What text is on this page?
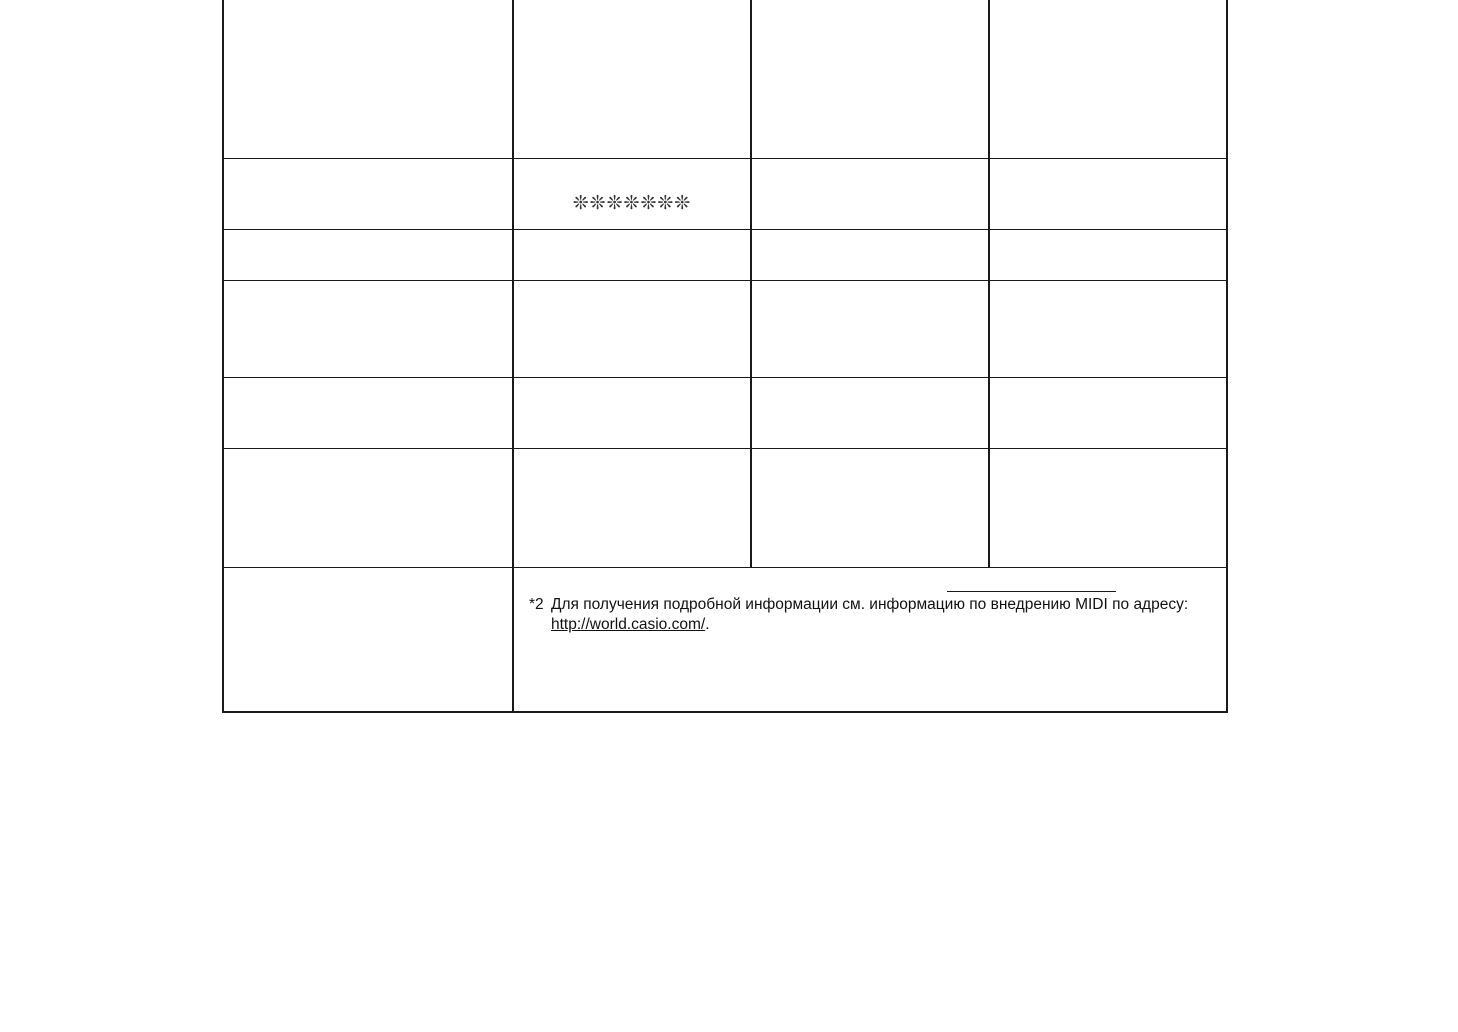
❊❊❊❊❊❊❊
*2 Для получения подробной информации см. информацию по внедрению MIDI по адресу:
http://world.casio.com/.
